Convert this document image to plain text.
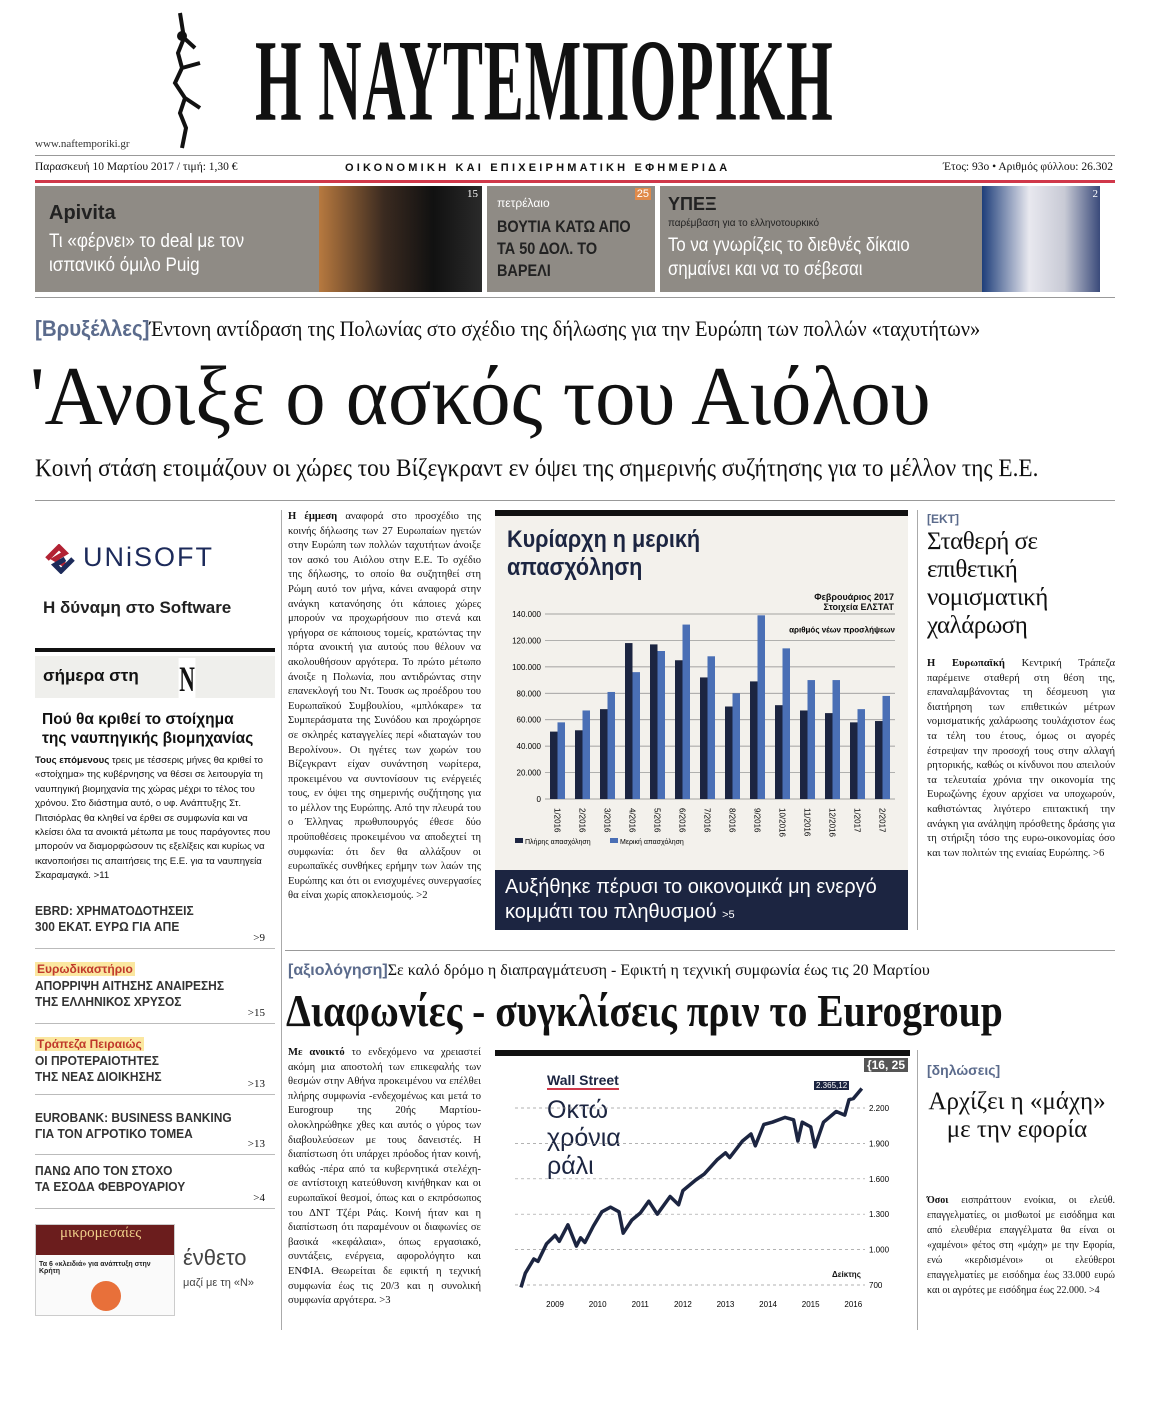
Η ΝΑΥΤΕΜΠΟΡΙΚΗ
www.naftemporiki.gr
Παρασκευή 10 Μαρτίου 2017 / τιμή: 1,30 €	ΟΙΚΟΝΟΜΙΚΗ ΚΑΙ ΕΠΙΧΕΙΡΗΜΑΤΙΚΗ ΕΦΗΜΕΡΙΔΑ	Έτος: 93ο • Αριθμός φύλλου: 26.302
Apivita
Τι «φέρνει» το deal με τον ισπανικό όμιλο Puig
15
πετρέλαιο
25
ΒΟΥΤΙΑ ΚΑΤΩ ΑΠΟ ΤΑ 50 ΔΟΛ. ΤΟ ΒΑΡΕΛΙ
ΥΠΕΞ
παρέμβαση για το ελληνοτουρκικό
Το να γνωρίζεις το διεθνές δίκαιο σημαίνει και να το σέβεσαι
2
[Βρυξέλλες]Έντονη αντίδραση της Πολωνίας στο σχέδιο της δήλωσης για την Ευρώπη των πολλών «ταχυτήτων»
'Ανοιξε ο ασκός του Αιόλου
Κοινή στάση ετοιμάζουν οι χώρες του Βίζεγκραντ εν όψει της σημερινής συζήτησης για το μέλλον της Ε.Ε.
UNiSOFT
Η δύναμη στο Software
σήμερα στη N
Πού θα κριθεί το στοίχημα της ναυπηγικής βιομηχανίας
Τους επόμενους τρεις με τέσσερις μήνες θα κριθεί το «στοίχημα» της κυβέρνησης να θέσει σε λειτουργία τη ναυπηγική βιομηχανία της χώρας μέχρι το τέλος του χρόνου. Στο διάστημα αυτό, ο υφ. Ανάπτυξης Στ. Πιτσιόρλας θα κληθεί να έρθει σε συμφωνία και να κλείσει όλα τα ανοικτά μέτωπα με τους παράγοντες που μπορούν να διαμορφώσουν τις εξελίξεις και κυρίως να ικανοποιήσει τις απαιτήσεις της Ε.Ε. για τα ναυπηγεία Σκαραμαγκά. >11
EBRD: ΧΡΗΜΑΤΟΔΟΤΗΣΕΙΣ
300 ΕΚΑΤ. ΕΥΡΩ ΓΙΑ ΑΠΕ
>9
Ευρωδικαστήριο
ΑΠΟΡΡΙΨΗ ΑΙΤΗΣΗΣ ΑΝΑΙΡΕΣΗΣ
ΤΗΣ ΕΛΛΗΝΙΚΟΣ ΧΡΥΣΟΣ
>15
Τράπεζα Πειραιώς
ΟΙ ΠΡΟΤΕΡΑΙΟΤΗΤΕΣ
ΤΗΣ ΝΕΑΣ ΔΙΟΙΚΗΣΗΣ	>13
EUROBANK: BUSINESS BANKING
ΓΙΑ ΤΟΝ ΑΓΡΟΤΙΚΟ ΤΟΜΕΑ
>13
ΠΑΝΩ ΑΠΟ ΤΟΝ ΣΤΟΧΟ
ΤΑ ΕΣΟΔΑ ΦΕΒΡΟΥΑΡΙΟΥ
>4
μικρομεσαίες
Τα 6 «κλειδιά» για ανάπτυξη στην Κρήτη
ένθετο
μαζί με τη «Ν»
Η έμμεση αναφορά στο προσχέδιο της κοινής δήλωσης των 27 Ευρωπαίων ηγετών στην Ευρώπη των πολλών ταχυτήτων άνοιξε τον ασκό του Αιόλου στην Ε.Ε. Το σχέδιο της δήλωσης, το οποίο θα συζητηθεί στη Ρώμη αυτό τον μήνα, κάνει αναφορά στην ανάγκη κατανόησης ότι κάποιες χώρες μπορούν να προχωρήσουν πιο στενά και γρήγορα σε κάποιους τομείς, κρατώντας την πόρτα ανοικτή για αυτούς που θέλουν να ακολουθήσουν αργότερα. Το πρώτο μέτωπο άνοιξε η Πολωνία, που αντιδρώντας στην επανεκλογή του Ντ. Τουσκ ως προέδρου του Ευρωπαϊκού Συμβουλίου, «μπλόκαρε» τα Συμπεράσματα της Συνόδου και προχώρησε σε σκληρές καταγγελίες περί «διαταγών του Βερολίνου». Οι ηγέτες των χωρών του Βίζεγκραντ είχαν συνάντηση νωρίτερα, προκειμένου να συντονίσουν τις ενέργειές τους, εν όψει της σημερινής συζήτησης για το μέλλον της Ευρώπης. Από την πλευρά του ο Έλληνας πρωθυπουργός έθεσε δύο προϋποθέσεις προκειμένου να αποδεχτεί τη συμφωνία: ότι δεν θα αλλάξουν οι ευρωπαϊκές συνθήκες ερήμην των λαών της Ευρώπης και ότι οι ενισχυμένες συνεργασίες θα είναι χωρίς αποκλεισμούς. >2
Κυρίαρχη η μερική απασχόληση
Φεβρουάριος 2017
Στοιχεία ΕΛΣΤΑΤ
Αυξήθηκε πέρυσι το οικονομικά μη ενεργό κομμάτι του πληθυσμού >5
0
20.000
40.000
60.000
80.000
100.000
120.000
140.000
αριθμός νέων προσλήψεων
1/2016 2/2016 3/2016 4/2016 5/2016 6/2016 7/2016 8/2016 9/2016 10/2016 11/2016 12/2016 1/2017 2/2017
Πλήρης απασχόληση	Μερική απασχόληση
[ΕΚΤ]
Σταθερή σε επιθετική νομισματική χαλάρωση
Η Ευρωπαϊκή Κεντρική Τράπεζα παρέμεινε σταθερή στη θέση της, επαναλαμβάνοντας τη δέσμευση για διατήρηση των επιθετικών μέτρων νομισματικής χαλάρωσης τουλάχιστον έως τα τέλη του έτους, όμως οι αγορές έστρεψαν την προσοχή τους στην αλλαγή ρητορικής, καθώς οι κίνδυνοι που απειλούν τα τελευταία χρόνια την οικονομία της Ευρωζώνης έχουν αρχίσει να υποχωρούν, καθιστώντας λιγότερο επιτακτική την ανάγκη για ανάληψη πρόσθετης δράσης για τη στήριξη τόσο της ευρω-οικονομίας όσο και των πολιτών της ενιαίας Ευρώπης. >6
[αξιολόγηση]Σε καλό δρόμο η διαπραγμάτευση - Εφικτή η τεχνική συμφωνία έως τις 20 Μαρτίου
Διαφωνίες - συγκλίσεις πριν το Eurogroup
Με ανοικτό το ενδεχόμενο να χρειαστεί ακόμη μια αποστολή των επικεφαλής των θεσμών στην Αθήνα προκειμένου να επέλθει πλήρης συμφωνία -ενδεχομένως και μετά το Eurogroup της 20ής Μαρτίου- ολοκληρώθηκε χθες και αυτός ο γύρος των διαβουλεύσεων με τους δανειστές. Η διαπίστωση ότι υπάρχει πρόοδος ήταν κοινή, καθώς -πέρα από τα κυβερνητικά στελέχη- σε αντίστοιχη κατεύθυνση κινήθηκαν και οι ευρωπαϊκοί θεσμοί, όπως και ο εκπρόσωπος του ΔΝΤ Τζέρι Ράις. Κοινή ήταν και η διαπίστωση ότι παραμένουν οι διαφωνίες σε βασικά «κεφάλαια», όπως εργασιακό, συντάξεις, ενέργεια, αφορολόγητο και ΕΝΦΙΑ. Θεωρείται δε εφικτή η τεχνική συμφωνία έως τις 20/3 και η συνολική συμφωνία αργότερα. >3
Wall Street
Οκτώ χρόνια ράλι
{16, 25
2.365,12
Δείκτης
700
1.000
1.300
1.600
1.900
2.200
2009	2010	2011	2012	2013	2014	2015	2016
[δηλώσεις]
Αρχίζει η «μάχη» με την εφορία
Όσοι εισπράττουν ενοίκια, οι ελεύθ. επαγγελματίες, οι μισθωτοί με εισόδημα και από ελευθέρια επαγγέλματα θα είναι οι «χαμένοι» φέτος στη «μάχη» με την Εφορία, ενώ «κερδισμένοι» οι ελεύθεροι επαγγελματίες με εισόδημα έως 33.000 ευρώ και οι αγρότες με εισόδημα έως 22.000. >4
